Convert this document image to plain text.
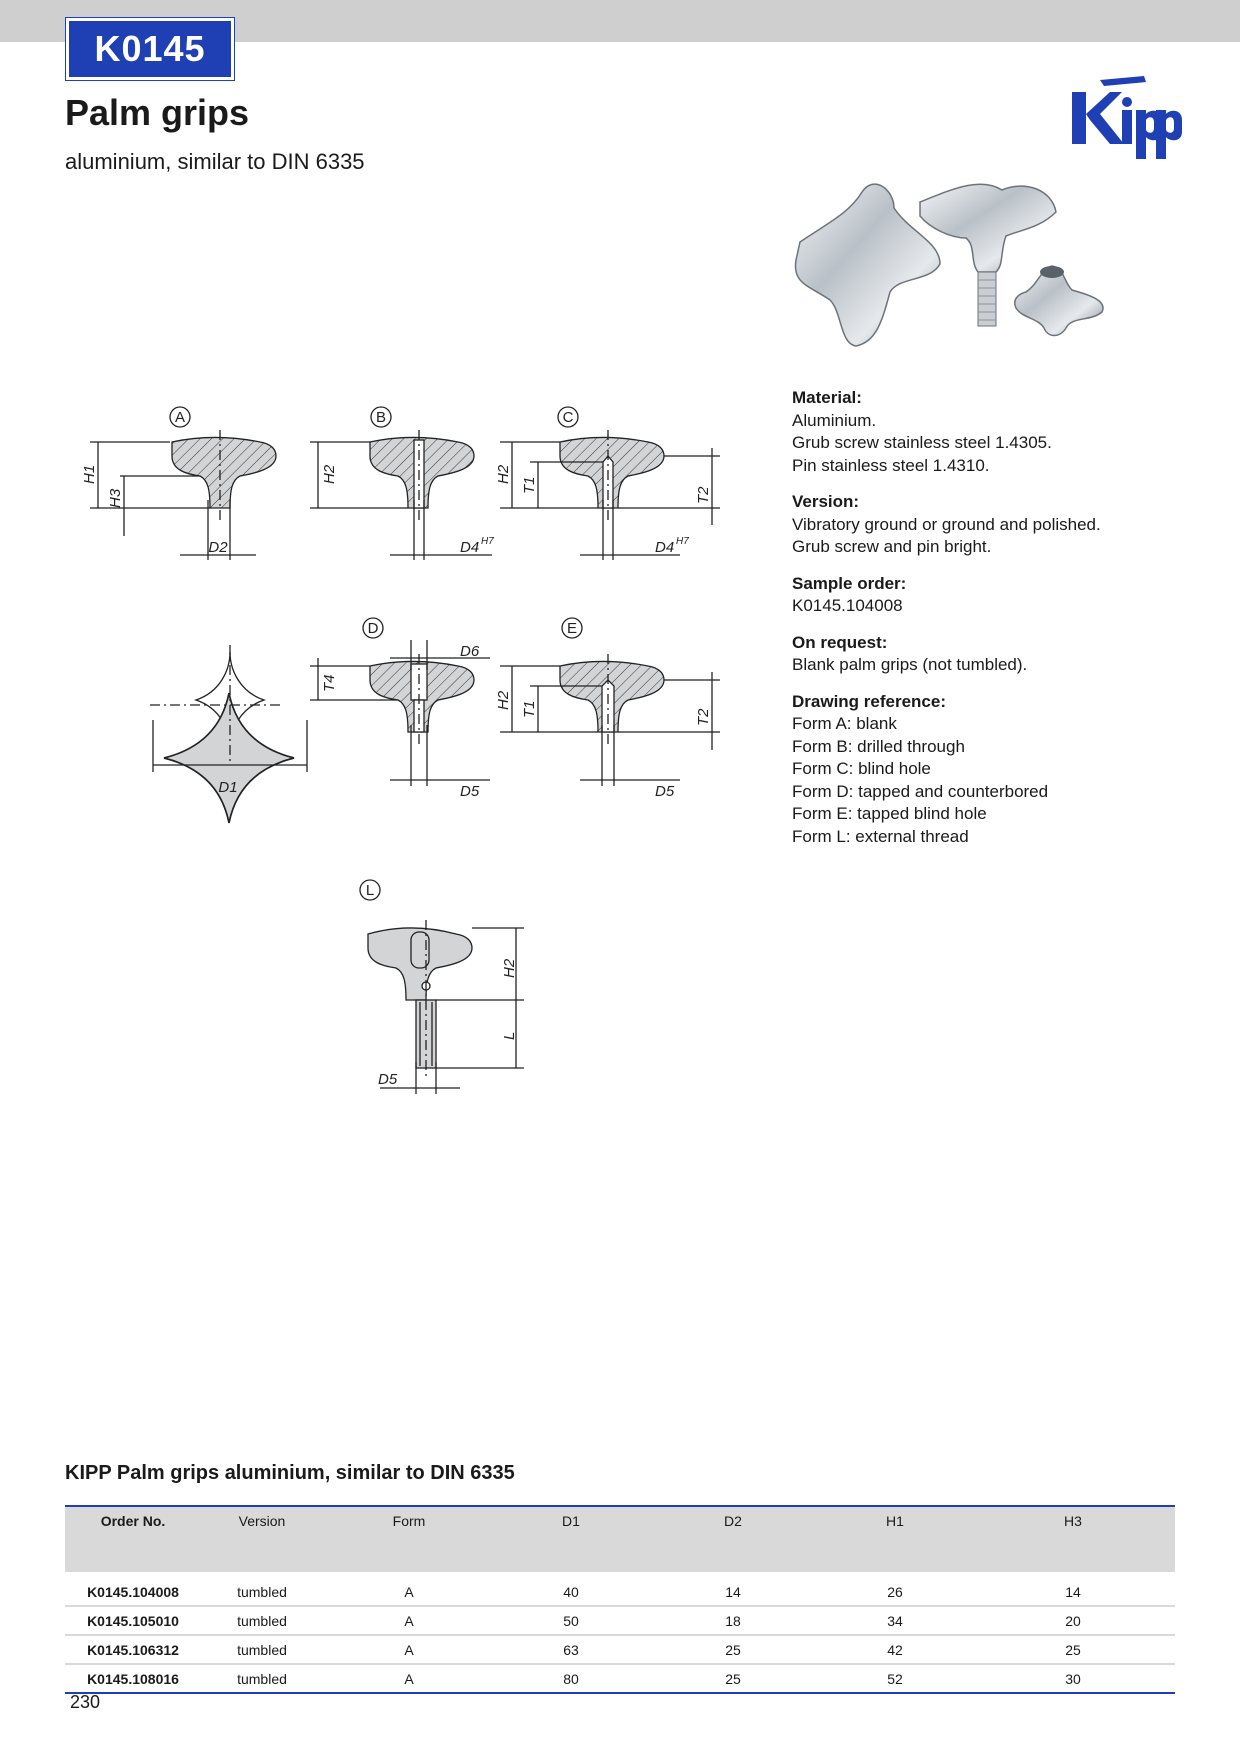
K0145
Palm grips
aluminium, similar to DIN 6335
A	B	C
D	E
L
H1
H3
D2
H2
D4 H7
H2
T1
T2
D4 H7
D1
T4
D6
D5
H2 T1	T2
D5
H2
L
D5
Material:
Aluminium.
Grub screw stainless steel 1.4305.
Pin stainless steel 1.4310.
Version:
Vibratory ground or ground and polished.
Grub screw and pin bright.
Sample order:
K0145.104008
On request:
Blank palm grips (not tumbled).
Drawing reference:
Form A: blank
Form B: drilled through
Form C: blind hole
Form D: tapped and counterbored
Form E: tapped blind hole
Form L: external thread
KIPP Palm grips aluminium, similar to DIN 6335
Order No.	Version	Form	D1	D2	H1	H3
K0145.104008	tumbled	A	40	14	26	14
K0145.105010	tumbled	A	50	18	34	20
K0145.106312	tumbled	A	63	25	42	25
K0145.108016	tumbled	A	80	25	52	30
230
